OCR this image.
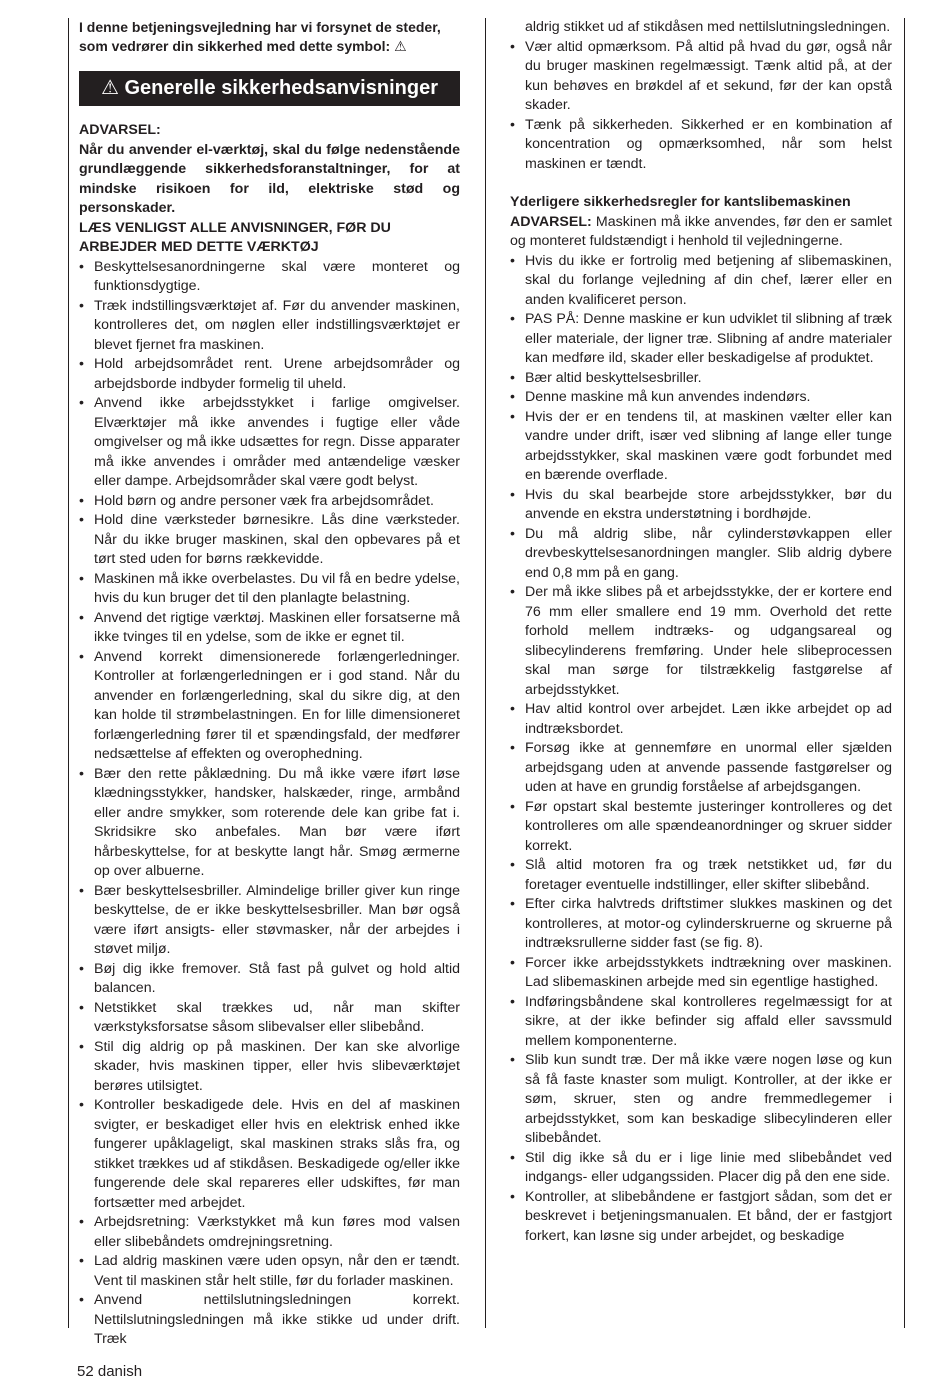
I denne betjeningsvejledning har vi forsynet de steder, som vedrører din sikkerhed med dette symbol: ⚠

⚠ Generelle sikkerhedsanvisninger

ADVARSEL:

Når du anvender el-værktøj, skal du følge nedenstående grundlæggende sikkerhedsforanstaltninger, for at mindske risikoen for ild, elektriske stød og personskader.

LÆS VENLIGST ALLE ANVISNINGER, FØR DU ARBEJDER MED DETTE VÆRKTØJ

• Beskyttelsesanordningerne skal være monteret og funktionsdygtige.
• Træk indstillingsværktøjet af. Før du anvender maskinen, kontrolleres det, om nøglen eller indstillingsværktøjet er blevet fjernet fra maskinen.
• Hold arbejdsområdet rent. Urene arbejdsområder og arbejdsborde indbyder formelig til uheld.
• Anvend ikke arbejdsstykket i farlige omgivelser. Elværktøjer må ikke anvendes i fugtige eller våde omgivelser og må ikke udsættes for regn. Disse apparater må ikke anvendes i områder med antændelige væsker eller dampe. Arbejdsområder skal være godt belyst.
• Hold børn og andre personer væk fra arbejdsområdet.
• Hold dine værksteder børnesikre. Lås dine værksteder. Når du ikke bruger maskinen, skal den opbevares på et tørt sted uden for børns rækkevidde.
• Maskinen må ikke overbelastes. Du vil få en bedre ydelse, hvis du kun bruger det til den planlagte belastning.
• Anvend det rigtige værktøj. Maskinen eller forsatserne må ikke tvinges til en ydelse, som de ikke er egnet til.
• Anvend korrekt dimensionerede forlængerledninger. Kontroller at forlængerledningen er i god stand. Når du anvender en forlængerledning, skal du sikre dig, at den kan holde til strømbelastningen. En for lille dimensioneret forlængerledning fører til et spændingsfald, der medfører nedsættelse af effekten og overophedning.
• Bær den rette påklædning. Du må ikke være iført løse klædningsstykker, handsker, halskæder, ringe, armbånd eller andre smykker, som roterende dele kan gribe fat i. Skridsikre sko anbefales. Man bør være iført hårbeskyttelse, for at beskytte langt hår. Smøg ærmerne op over albuerne.
• Bær beskyttelsesbriller. Almindelige briller giver kun ringe beskyttelse, de er ikke beskyttelsesbriller. Man bør også være iført ansigts- eller støvmasker, når der arbejdes i støvet miljø.
• Bøj dig ikke fremover. Stå fast på gulvet og hold altid balancen.
• Netstikket skal trækkes ud, når man skifter værkstyksforsatse såsom slibevalser eller slibebånd.
• Stil dig aldrig op på maskinen. Der kan ske alvorlige skader, hvis maskinen tipper, eller hvis slibeværktøjet berøres utilsigtet.
• Kontroller beskadigede dele. Hvis en del af maskinen svigter, er beskadiget eller hvis en elektrisk enhed ikke fungerer upåklageligt, skal maskinen straks slås fra, og stikket trækkes ud af stikdåsen. Beskadigede og/eller ikke fungerende dele skal repareres eller udskiftes, før man fortsætter med arbejdet.
• Arbejdsretning: Værkstykket må kun føres mod valsen eller slibebåndets omdrejningsretning.
• Lad aldrig maskinen være uden opsyn, når den er tændt. Vent til maskinen står helt stille, før du forlader maskinen.
• Anvend nettilslutningsledningen korrekt. Nettilslutningsledningen må ikke stikke ud under drift. Træk

aldrig stikket ud af stikdåsen med nettilslutningsledningen.

• Vær altid opmærksom. På altid på hvad du gør, også når du bruger maskinen regelmæssigt. Tænk altid på, at der kun behøves en brøkdel af et sekund, før der kan opstå skader.
• Tænk på sikkerheden. Sikkerhed er en kombination af koncentration og opmærksomhed, når som helst maskinen er tændt.

Yderligere sikkerhedsregler for kantslibemaskinen

ADVARSEL: Maskinen må ikke anvendes, før den er samlet og monteret fuldstændigt i henhold til vejledningerne.

• Hvis du ikke er fortrolig med betjening af slibemaskinen, skal du forlange vejledning af din chef, lærer eller en anden kvalificeret person.
• PAS PÅ: Denne maskine er kun udviklet til slibning af træk eller materiale, der ligner træ. Slibning af andre materialer kan medføre ild, skader eller beskadigelse af produktet.
• Bær altid beskyttelsesbriller.
• Denne maskine må kun anvendes indendørs.
• Hvis der er en tendens til, at maskinen vælter eller kan vandre under drift, især ved slibning af lange eller tunge arbejdsstykker, skal maskinen være godt forbundet med en bærende overflade.
• Hvis du skal bearbejde store arbejdsstykker, bør du anvende en ekstra understøtning i bordhøjde.
• Du må aldrig slibe, når cylinderstøvkappen eller drevbeskyttelsesanordningen mangler. Slib aldrig dybere end 0,8 mm på en gang.
• Der må ikke slibes på et arbejdsstykke, der er kortere end 76 mm eller smallere end 19 mm. Overhold det rette forhold mellem indtræks- og udgangsareal og slibecylinderens fremføring. Under hele slibeprocessen skal man sørge for tilstrækkelig fastgørelse af arbejdsstykket.
• Hav altid kontrol over arbejdet. Læn ikke arbejdet op ad indtræksbordet.
• Forsøg ikke at gennemføre en unormal eller sjælden arbejdsgang uden at anvende passende fastgørelser og uden at have en grundig forståelse af arbejdsgangen.
• Før opstart skal bestemte justeringer kontrolleres og det kontrolleres om alle spændeanordninger og skruer sidder korrekt.
• Slå altid motoren fra og træk netstikket ud, før du foretager eventuelle indstillinger, eller skifter slibebånd.
• Efter cirka halvtreds driftstimer slukkes maskinen og det kontrolleres, at motor-og cylinderskruerne og skruerne på indtræksrullerne sidder fast (se fig. 8).
• Forcer ikke arbejdsstykkets indtrækning over maskinen. Lad slibemaskinen arbejde med sin egentlige hastighed.
• Indføringsbåndene skal kontrolleres regelmæssigt for at sikre, at der ikke befinder sig affald eller savssmuld mellem komponenterne.
• Slib kun sundt træ. Der må ikke være nogen løse og kun så få faste knaster som muligt. Kontroller, at der ikke er søm, skruer, sten og andre fremmedlegemer i arbejdsstykket, som kan beskadige slibecylinderen eller slibebåndet.
• Stil dig ikke så du er i lige linie med slibebåndet ved indgangs- eller udgangssiden. Placer dig på den ene side.
• Kontroller, at slibebåndene er fastgjort sådan, som det er beskrevet i betjeningsmanualen. Et bånd, der er fastgjort forkert, kan løsne sig under arbejdet, og beskadige
52 danish
